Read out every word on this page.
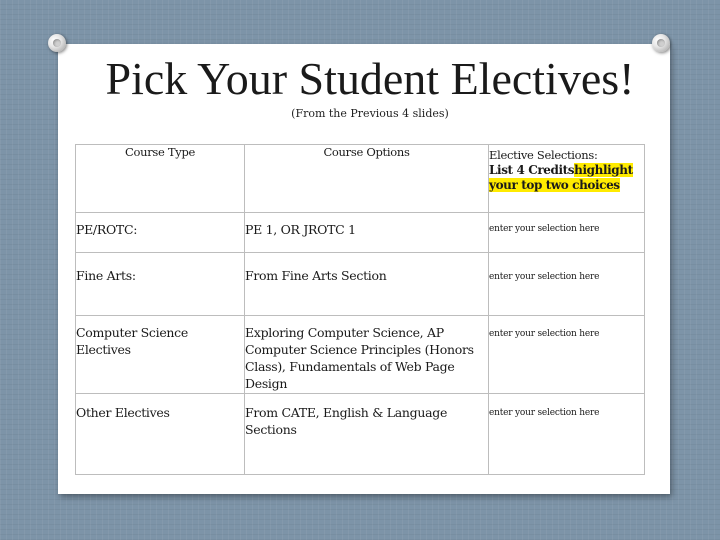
Pick Your Student Electives!
(From the Previous 4 slides)
Course Type	Course Options	Elective Selections:
List 4 Creditshighlight
your top two choices

PE/ROTC:	PE 1, OR JROTC 1	enter your selection here
Fine Arts:	From Fine Arts Section	enter your selection here
Computer Science Electives	Exploring Computer Science, AP Computer Science Principles (Honors Class), Fundamentals of Web Page Design	enter your selection here
Other Electives	From CATE, English & Language Sections	enter your selection here
